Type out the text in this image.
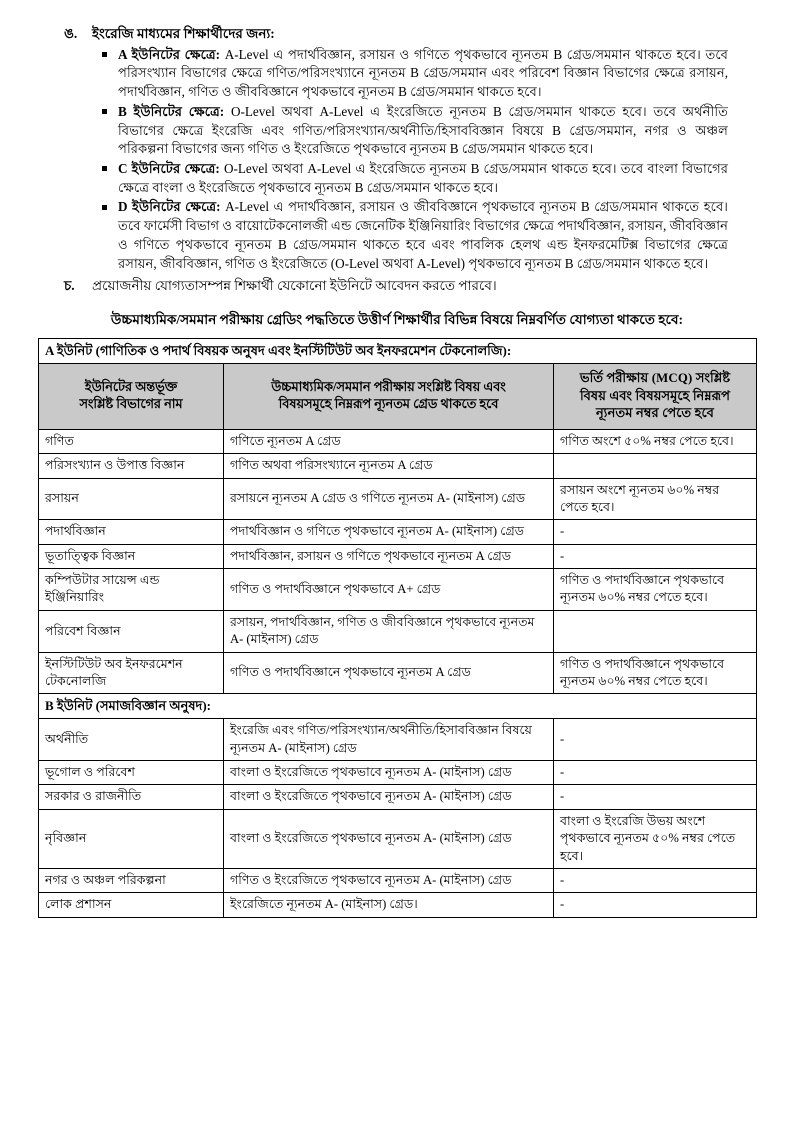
ঙ.	ইংরেজি মাধ্যমের শিক্ষার্থীদের জন্য:
A ইউনিটের ক্ষেত্রে: A-Level এ পদার্থবিজ্ঞান, রসায়ন ও গণিতে পৃথকভাবে ন্যূনতম B গ্রেড/সমমান থাকতে হবে। তবে পরিসংখ্যান বিভাগের ক্ষেত্রে গণিত/পরিসংখ্যানে ন্যূনতম B গ্রেড/সমমান এবং পরিবেশ বিজ্ঞান বিভাগের ক্ষেত্রে রসায়ন, পদার্থবিজ্ঞান, গণিত ও জীববিজ্ঞানে পৃথকভাবে ন্যূনতম B গ্রেড/সমমান থাকতে হবে।
B ইউনিটের ক্ষেত্রে: O-Level অথবা A-Level এ ইংরেজিতে ন্যূনতম B গ্রেড/সমমান থাকতে হবে। তবে অর্থনীতি বিভাগের ক্ষেত্রে ইংরেজি এবং গণিত/পরিসংখ্যান/অর্থনীতি/হিসাববিজ্ঞান বিষয়ে B গ্রেড/সমমান, নগর ও অঞ্চল পরিকল্পনা বিভাগের জন্য গণিত ও ইংরেজিতে পৃথকভাবে ন্যূনতম B গ্রেড/সমমান থাকতে হবে।
C ইউনিটের ক্ষেত্রে: O-Level অথবা A-Level এ ইংরেজিতে ন্যূনতম B গ্রেড/সমমান থাকতে হবে। তবে বাংলা বিভাগের ক্ষেত্রে বাংলা ও ইংরেজিতে পৃথকভাবে ন্যূনতম B গ্রেড/সমমান থাকতে হবে।
D ইউনিটের ক্ষেত্রে: A-Level এ পদার্থবিজ্ঞান, রসায়ন ও জীববিজ্ঞানে পৃথকভাবে ন্যূনতম B গ্রেড/সমমান থাকতে হবে। তবে ফার্মেসী বিভাগ ও বায়োটেকনোলজী এন্ড জেনেটিক ইঞ্জিনিয়ারিং বিভাগের ক্ষেত্রে পদার্থবিজ্ঞান, রসায়ন, জীববিজ্ঞান ও গণিতে পৃথকভাবে ন্যূনতম B গ্রেড/সমমান থাকতে হবে এবং পাবলিক হেলথ এন্ড ইনফরমেটিক্স বিভাগের ক্ষেত্রে রসায়ন, জীববিজ্ঞান, গণিত ও ইংরেজিতে (O-Level অথবা A-Level) পৃথকভাবে ন্যূনতম B গ্রেড/সমমান থাকতে হবে।
চ.	প্রয়োজনীয় যোগ্যতাসম্পন্ন শিক্ষার্থী যেকোনো ইউনিটে আবেদন করতে পারবে।
উচ্চমাধ্যমিক/সমমান পরীক্ষায় গ্রেডিং পদ্ধতিতে উত্তীর্ণ শিক্ষার্থীর বিভিন্ন বিষয়ে নিম্নবর্ণিত যোগ্যতা থাকতে হবে:
A ইউনিট (গাণিতিক ও পদার্থ বিষয়ক অনুষদ এবং ইনস্টিটিউট অব ইনফরমেশন টেকনোলজি):		

ইউনিটের অন্তর্ভূক্ত
সংশ্লিষ্ট বিভাগের নাম

উচ্চমাধ্যমিক/সমমান পরীক্ষায় সংশ্লিষ্ট বিষয় এবং
বিষয়সমূহে নিম্নরূপ ন্যূনতম গ্রেড থাকতে হবে

ভর্তি পরীক্ষায় (MCQ) সংশ্লিষ্ট
বিষয় এবং বিষয়সমূহে নিম্নরূপ
ন্যূনতম নম্বর পেতে হবে

গণিত	গণিতে ন্যূনতম A গ্রেড	গণিত অংশে ৫০% নম্বর পেতে হবে।
পরিসংখ্যান ও উপাত্ত বিজ্ঞান	গণিত অথবা পরিসংখ্যানে ন্যূনতম A গ্রেড	
রসায়ন	রসায়নে ন্যূনতম A গ্রেড ও গণিতে ন্যূনতম A- (মাইনাস) গ্রেড	রসায়ন অংশে ন্যূনতম ৬০% নম্বর পেতে হবে।
পদার্থবিজ্ঞান	পদার্থবিজ্ঞান ও গণিতে পৃথকভাবে ন্যূনতম A- (মাইনাস) গ্রেড	-
ভূতাত্ত্বিক বিজ্ঞান	পদার্থবিজ্ঞান, রসায়ন ও গণিতে পৃথকভাবে ন্যূনতম A গ্রেড	-
কম্পিউটার সায়েন্স এন্ড ইঞ্জিনিয়ারিং	গণিত ও পদার্থবিজ্ঞানে পৃথকভাবে A+ গ্রেড	গণিত ও পদার্থবিজ্ঞানে পৃথকভাবে ন্যূনতম ৬০% নম্বর পেতে হবে।
পরিবেশ বিজ্ঞান	রসায়ন, পদার্থবিজ্ঞান, গণিত ও জীববিজ্ঞানে পৃথকভাবে ন্যূনতম A- (মাইনাস) গ্রেড	
ইনস্টিটিউট অব ইনফরমেশন টেকনোলজি	গণিত ও পদার্থবিজ্ঞানে পৃথকভাবে ন্যূনতম A গ্রেড	গণিত ও পদার্থবিজ্ঞানে পৃথকভাবে ন্যূনতম ৬০% নম্বর পেতে হবে।
B ইউনিট (সমাজবিজ্ঞান অনুষদ):		
অর্থনীতি	ইংরেজি এবং গণিত/পরিসংখ্যান/অর্থনীতি/হিসাববিজ্ঞান বিষয়ে ন্যূনতম A- (মাইনাস) গ্রেড	-
ভূগোল ও পরিবেশ	বাংলা ও ইংরেজিতে পৃথকভাবে ন্যূনতম A- (মাইনাস) গ্রেড	-
সরকার ও রাজনীতি	বাংলা ও ইংরেজিতে পৃথকভাবে ন্যূনতম A- (মাইনাস) গ্রেড	-
নৃবিজ্ঞান	বাংলা ও ইংরেজিতে পৃথকভাবে ন্যূনতম A- (মাইনাস) গ্রেড	বাংলা ও ইংরেজি উভয় অংশে পৃথকভাবে ন্যূনতম ৫০% নম্বর পেতে হবে।
নগর ও অঞ্চল পরিকল্পনা	গণিত ও ইংরেজিতে পৃথকভাবে ন্যূনতম A- (মাইনাস) গ্রেড	-
লোক প্রশাসন	ইংরেজিতে ন্যূনতম A- (মাইনাস) গ্রেড।	-
